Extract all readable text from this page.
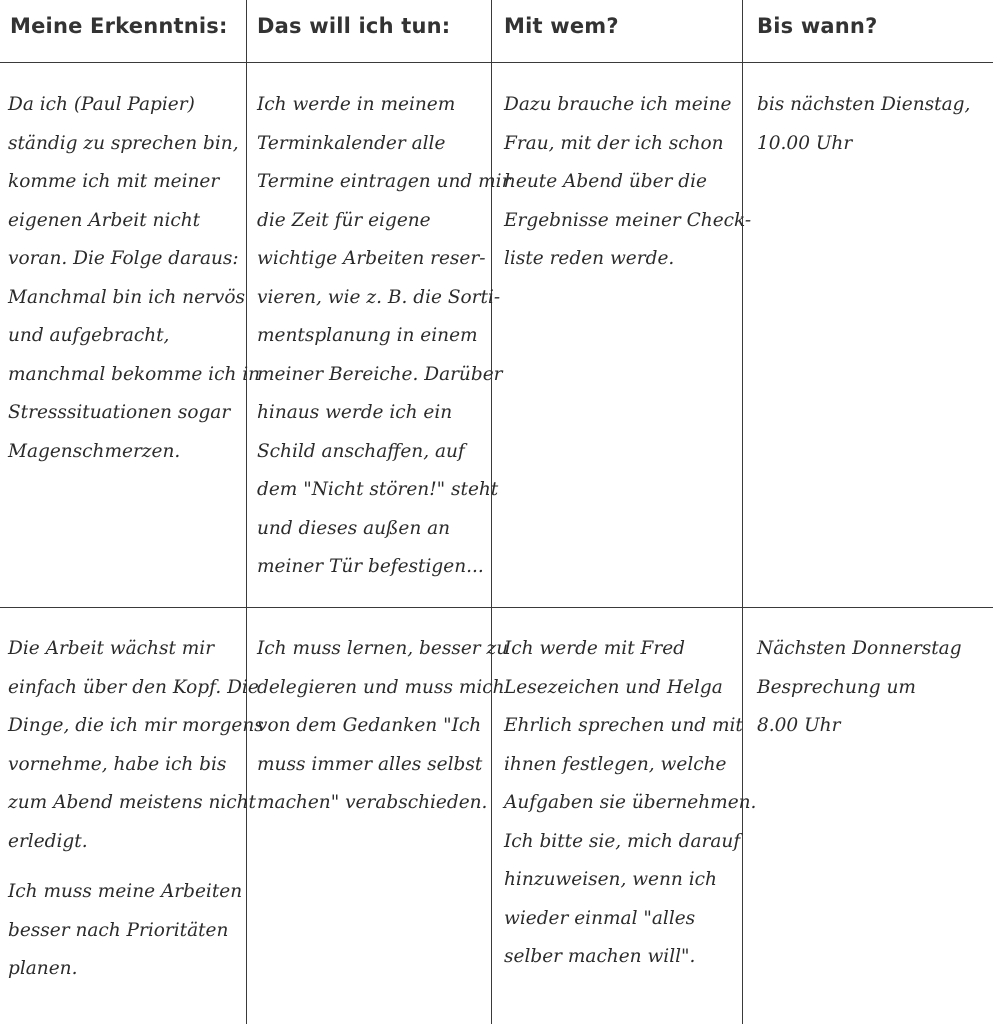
Meine Erkenntnis: Das will ich tun:	Mit wem?	Bis wann?
Da ich (Paul Papier)
ständig zu sprechen bin,
komme ich mit meiner
eigenen Arbeit nicht
voran. Die Folge daraus:
Manchmal bin ich nervös
und aufgebracht,
manchmal bekomme ich in
Stresssituationen sogar
Magenschmerzen.
Ich werde in meinem
Terminkalender alle
Termine eintragen und mir
die Zeit für eigene
wichtige Arbeiten reser-
vieren, wie z. B. die Sorti-
mentsplanung in einem
meiner Bereiche. Darüber
hinaus werde ich ein
Schild anschaffen, auf
dem "Nicht stören!" steht
und dieses außen an
meiner Tür befestigen...
Dazu brauche ich meine
Frau, mit der ich schon
heute Abend über die
Ergebnisse meiner Check-
liste reden werde.
bis nächsten Dienstag,
10.00 Uhr
Die Arbeit wächst mir
einfach über den Kopf. Die
Dinge, die ich mir morgens
vornehme, habe ich bis
zum Abend meistens nicht
erledigt.
Ich muss meine Arbeiten
besser nach Prioritäten
planen.
Ich muss lernen, besser zu
delegieren und muss mich
von dem Gedanken "Ich
muss immer alles selbst
machen" verabschieden.
Ich werde mit Fred
Lesezeichen und Helga
Ehrlich sprechen und mit
ihnen festlegen, welche
Aufgaben sie übernehmen.
Ich bitte sie, mich darauf
hinzuweisen, wenn ich
wieder einmal "alles
selber machen will".
Nächsten Donnerstag
Besprechung um
8.00 Uhr
